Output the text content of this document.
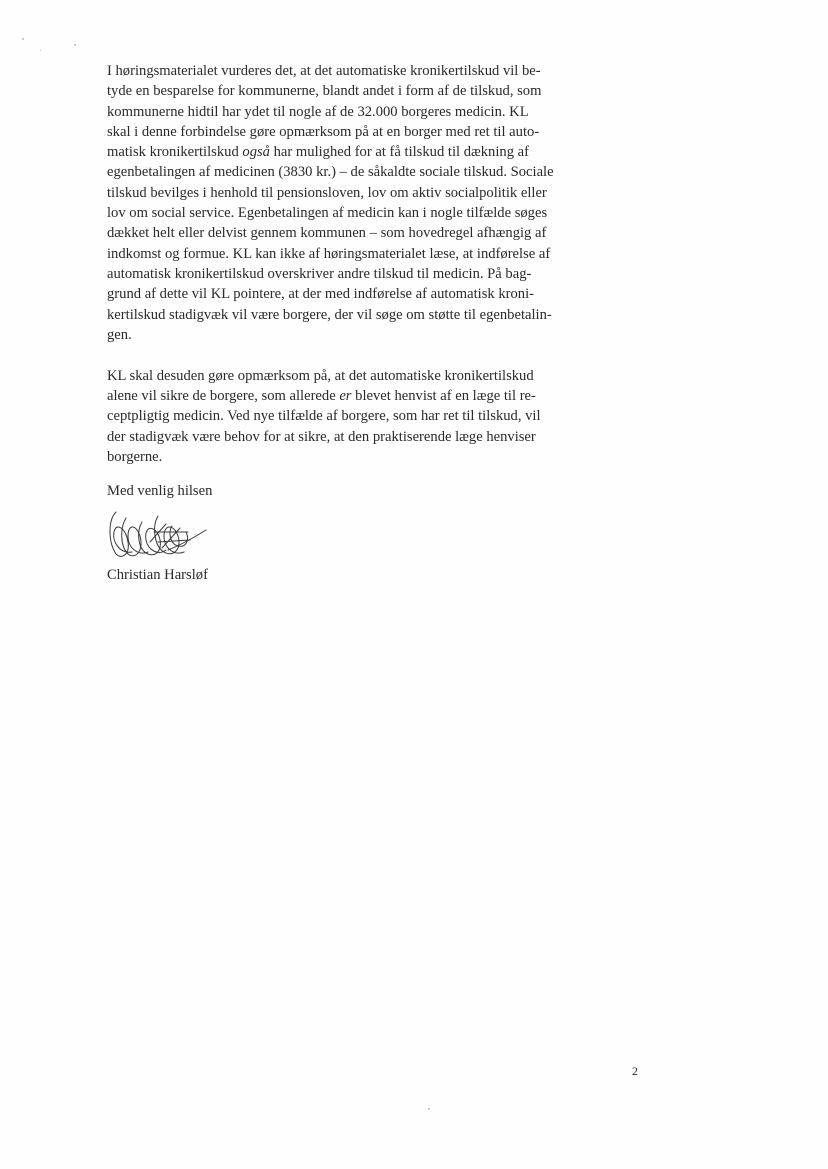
I høringsmaterialet vurderes det, at det automatiske kronikertilskud vil be-
tyde en besparelse for kommunerne, blandt andet i form af de tilskud, som
kommunerne hidtil har ydet til nogle af de 32.000 borgeres medicin. KL
skal i denne forbindelse gøre opmærksom på at en borger med ret til auto-
matisk kronikertilskud også har mulighed for at få tilskud til dækning af
egenbetalingen af medicinen (3830 kr.) – de såkaldte sociale tilskud. Sociale
tilskud bevilges i henhold til pensionsloven, lov om aktiv socialpolitik eller
lov om social service. Egenbetalingen af medicin kan i nogle tilfælde søges
dækket helt eller delvist gennem kommunen – som hovedregel afhængig af
indkomst og formue. KL kan ikke af høringsmaterialet læse, at indførelse af
automatisk kronikertilskud overskriver andre tilskud til medicin. På bag-
grund af dette vil KL pointere, at der med indførelse af automatisk kroni-
kertilskud stadigvæk vil være borgere, der vil søge om støtte til egenbetalin-
gen.

KL skal desuden gøre opmærksom på, at det automatiske kronikertilskud
alene vil sikre de borgere, som allerede er blevet henvist af en læge til re-
ceptpligtig medicin. Ved nye tilfælde af borgere, som har ret til tilskud, vil
der stadigvæk være behov for at sikre, at den praktiserende læge henviser
borgerne.

Med venlig hilsen
Christian Harsløf
2
